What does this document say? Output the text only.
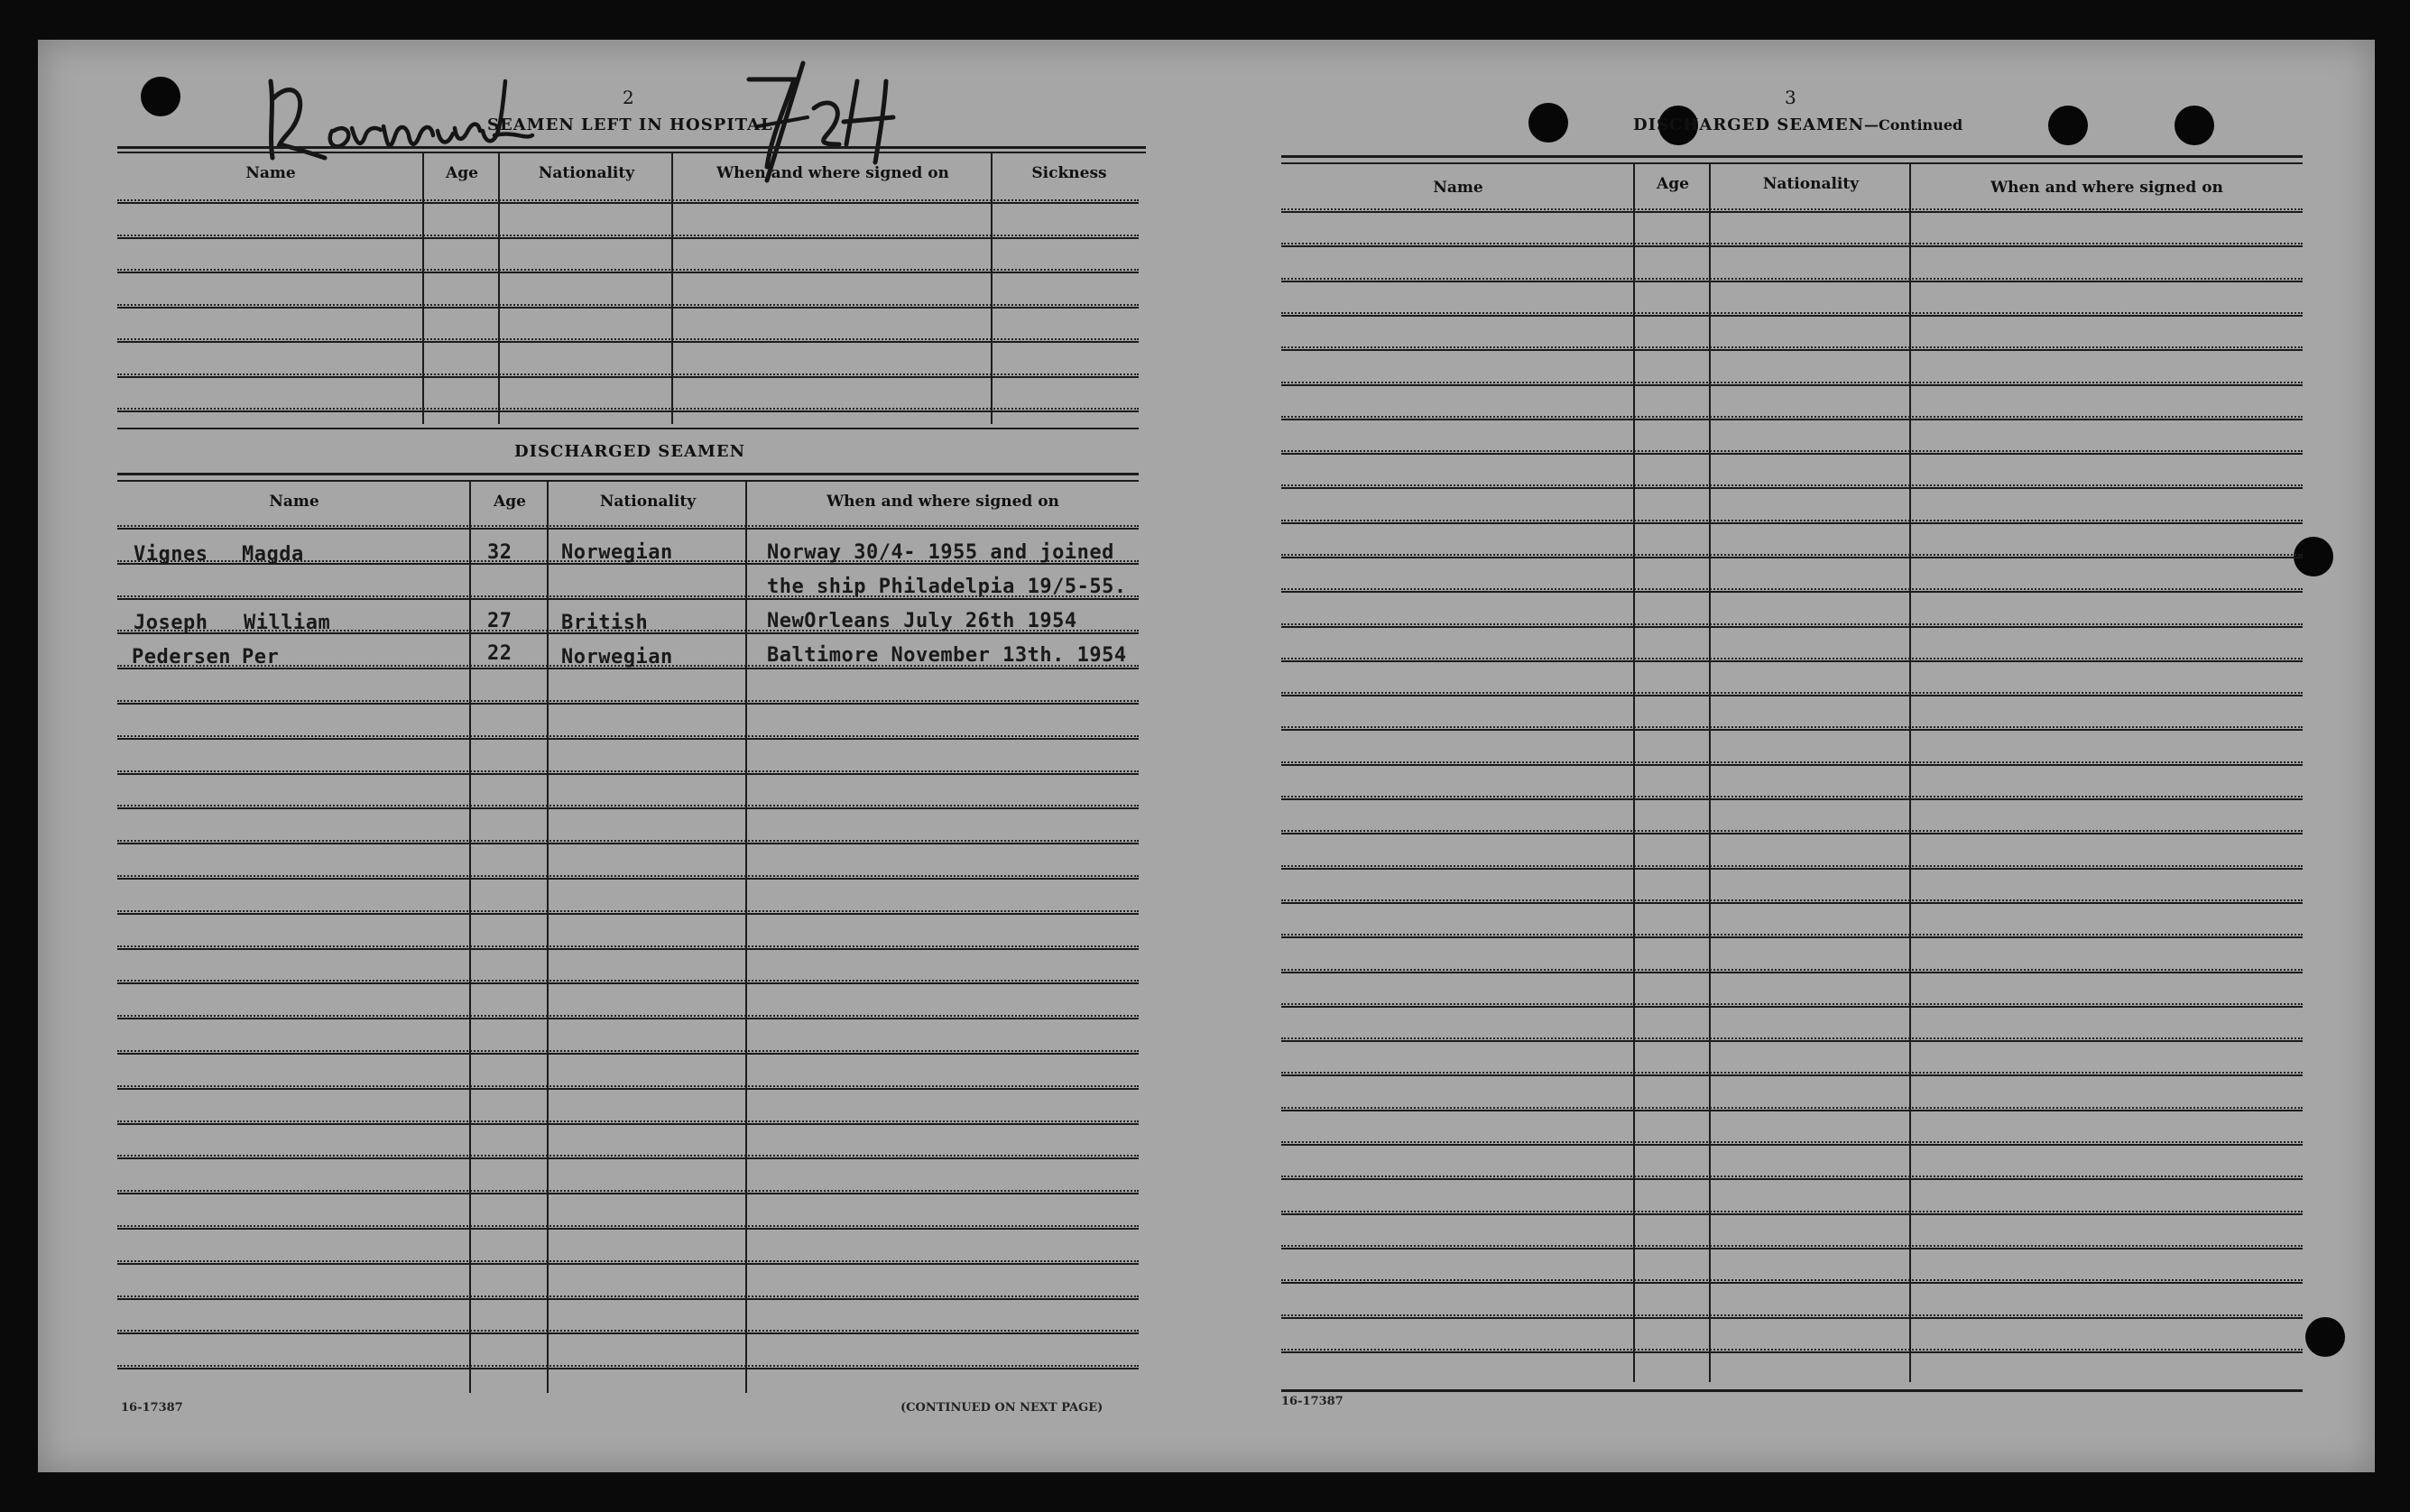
2
SEAMEN LEFT IN HOSPITAL
Name	Age	Nationality	When and where signed on	Sickness
DISCHARGED SEAMEN
Name	Age	Nationality	When and where signed on
Vignes Magda	32 Norwegian	Norway 30/4- 1955 and joined
the ship Philadelpia 19/5-55.
Joseph William	27 British	NewOrleans July 26th 1954
Pedersen Per	22 Norwegian	Baltimore November 13th. 1954
16-17387	(CONTINUED ON NEXT PAGE)
3
DISCHARGED SEAMEN—Continued
Name	Age	Nationality	When and where signed on
16-17387
